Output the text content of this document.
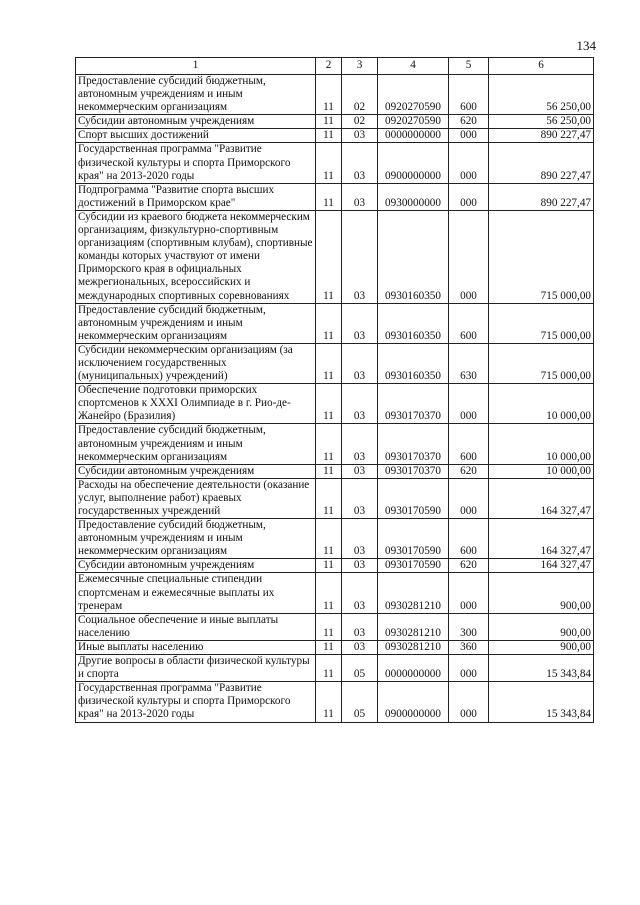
134
1	2	3	4	5	6
Предоставление субсидий бюджетным, автономным учреждениям и иным некоммерческим организациям	11	02	0920270590	600	56 250,00
Субсидии автономным учреждениям	11	02	0920270590	620	56 250,00
Спорт высших достижений	11	03	0000000000	000	890 227,47
Государственная программа "Развитие физической культуры и спорта Приморского края" на 2013-2020 годы	11	03	0900000000	000	890 227,47
Подпрограмма "Развитие спорта высших достижений в Приморском крае"	11	03	0930000000	000	890 227,47
Субсидии из краевого бюджета некоммерческим организациям, физкультурно-спортивным организациям (спортивным клубам), спортивные команды которых участвуют от имени Приморского края в официальных межрегиональных, всероссийских и международных спортивных соревнованиях	11	03	0930160350	000	715 000,00
Предоставление субсидий бюджетным, автономным учреждениям и иным некоммерческим организациям	11	03	0930160350	600	715 000,00
Субсидии некоммерческим организациям (за исключением государственных (муниципальных) учреждений)	11	03	0930160350	630	715 000,00
Обеспечение подготовки приморских спортсменов к XXXI Олимпиаде в г. Рио-де-Жанейро (Бразилия)	11	03	0930170370	000	10 000,00
Предоставление субсидий бюджетным, автономным учреждениям и иным некоммерческим организациям	11	03	0930170370	600	10 000,00
Субсидии автономным учреждениям	11	03	0930170370	620	10 000,00
Расходы на обеспечение деятельности (оказание услуг, выполнение работ) краевых государственных учреждений	11	03	0930170590	000	164 327,47
Предоставление субсидий бюджетным, автономным учреждениям и иным некоммерческим организациям	11	03	0930170590	600	164 327,47
Субсидии автономным учреждениям	11	03	0930170590	620	164 327,47
Ежемесячные специальные стипендии спортсменам и ежемесячные выплаты их тренерам	11	03	0930281210	000	900,00
Социальное обеспечение и иные выплаты населению	11	03	0930281210	300	900,00
Иные выплаты населению	11	03	0930281210	360	900,00
Другие вопросы в области физической культуры и спорта	11	05	0000000000	000	15 343,84
Государственная программа "Развитие физической культуры и спорта Приморского края" на 2013-2020 годы	11	05	0900000000	000	15 343,84
